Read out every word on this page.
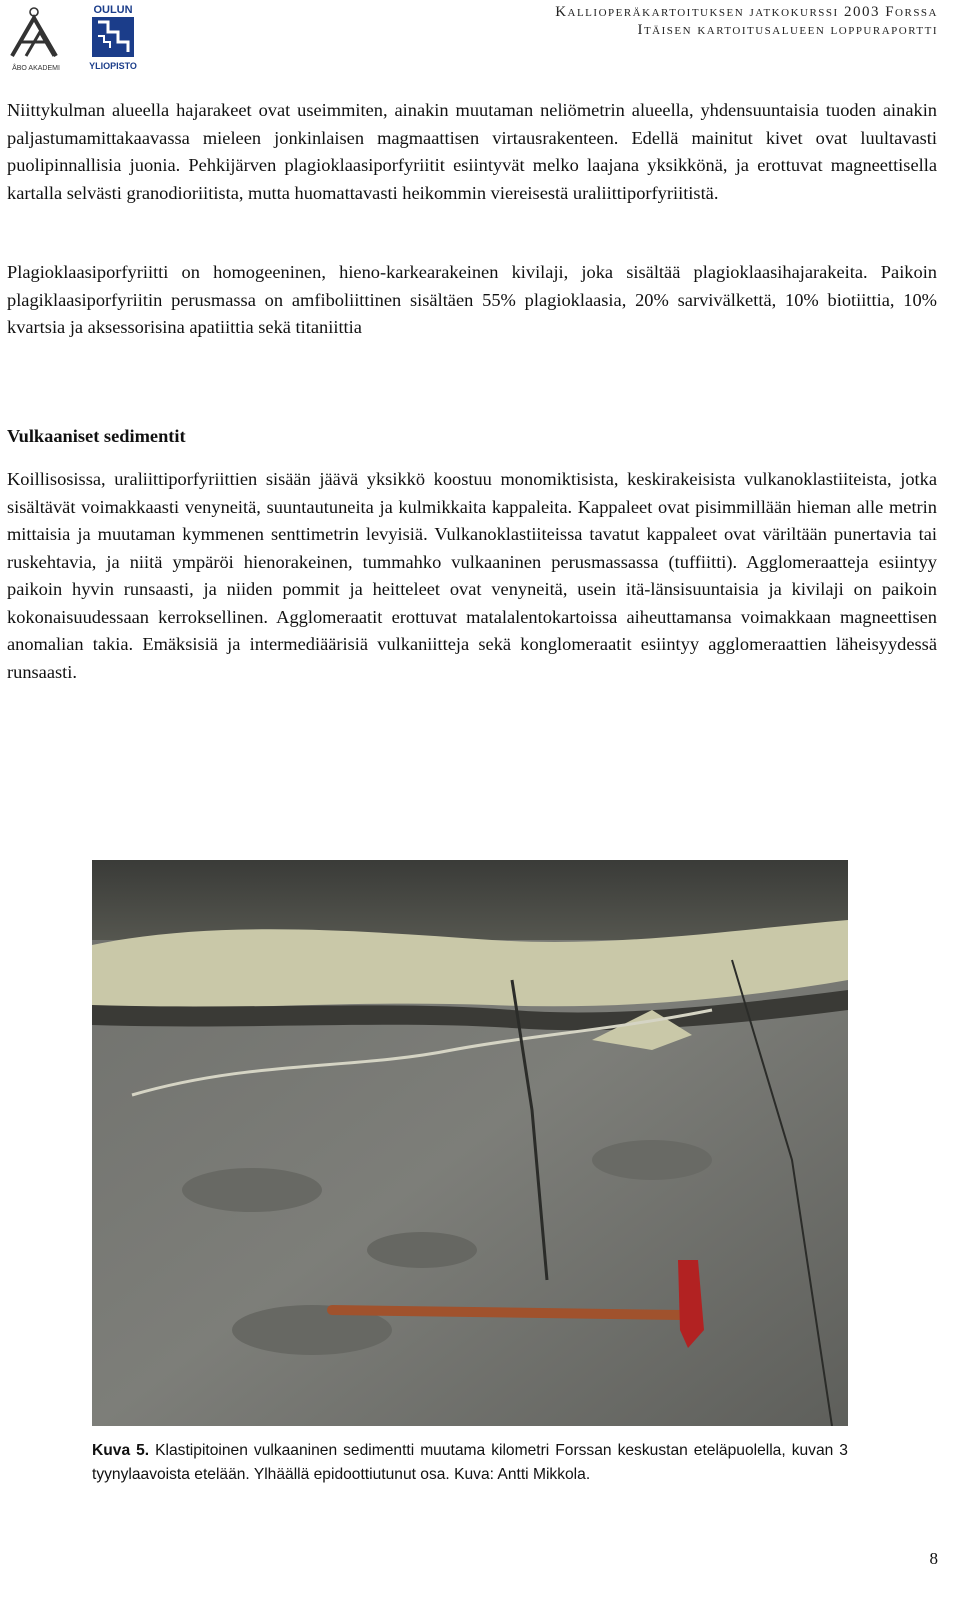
ÅBO AKADEMI
OULUN
YLIOPISTO
Kallioperäkartoituksen jatkokurssi 2003 Forssa
Itäisen kartoitusalueen loppuraportti

Niittykulman alueella hajarakeet ovat useimmiten, ainakin muutaman neliömetrin alueella, yhdensuuntaisia tuoden ainakin paljastumamittakaavassa mieleen jonkinlaisen magmaattisen virtausrakenteen. Edellä mainitut kivet ovat luultavasti puolipinnallisia juonia. Pehkijärven plagioklaasiporfyriitit esiintyvät melko laajana yksikkönä, ja erottuvat magneettisella kartalla selvästi granodioriitista, mutta huomattavasti heikommin viereisestä uraliittiporfyriitistä.

Plagioklaasiporfyriitti on homogeeninen, hieno-karkearakeinen kivilaji, joka sisältää plagioklaasihajarakeita. Paikoin plagiklaasiporfyriitin perusmassa on amfiboliittinen sisältäen 55% plagioklaasia, 20% sarvivälkettä, 10% biotiittia, 10% kvartsia ja aksessorisina apatiittia sekä titaniittia

Vulkaaniset sedimentit

Koillisosissa, uraliittiporfyriittien sisään jäävä yksikkö koostuu monomiktisista, keskirakeisista vulkanoklastiiteista, jotka sisältävät voimakkaasti venyneitä, suuntautuneita ja kulmikkaita kappaleita. Kappaleet ovat pisimmillään hieman alle metrin mittaisia ja muutaman kymmenen senttimetrin levyisiä. Vulkanoklastiiteissa tavatut kappaleet ovat väriltään punertavia tai ruskehtavia, ja niitä ympäröi hienorakeinen, tummahko vulkaaninen perusmassassa (tuffiitti). Agglomeraatteja esiintyy paikoin hyvin runsaasti, ja niiden pommit ja heitteleet ovat venyneitä, usein itä-länsisuuntaisia ja kivilaji on paikoin kokonaisuudessaan kerroksellinen. Agglomeraatit erottuvat matalalentokartoissa aiheuttamansa voimakkaan magneettisen anomalian takia. Emäksisiä ja intermediäärisiä vulkaniitteja sekä konglomeraatit esiintyy agglomeraattien läheisyydessä runsaasti.

Kuva 5. Klastipitoinen vulkaaninen sedimentti muutama kilometri Forssan keskustan eteläpuolella, kuvan 3 tyynylaavoista etelään. Ylhäällä epidoottiutunut osa. Kuva: Antti Mikkola.

8
